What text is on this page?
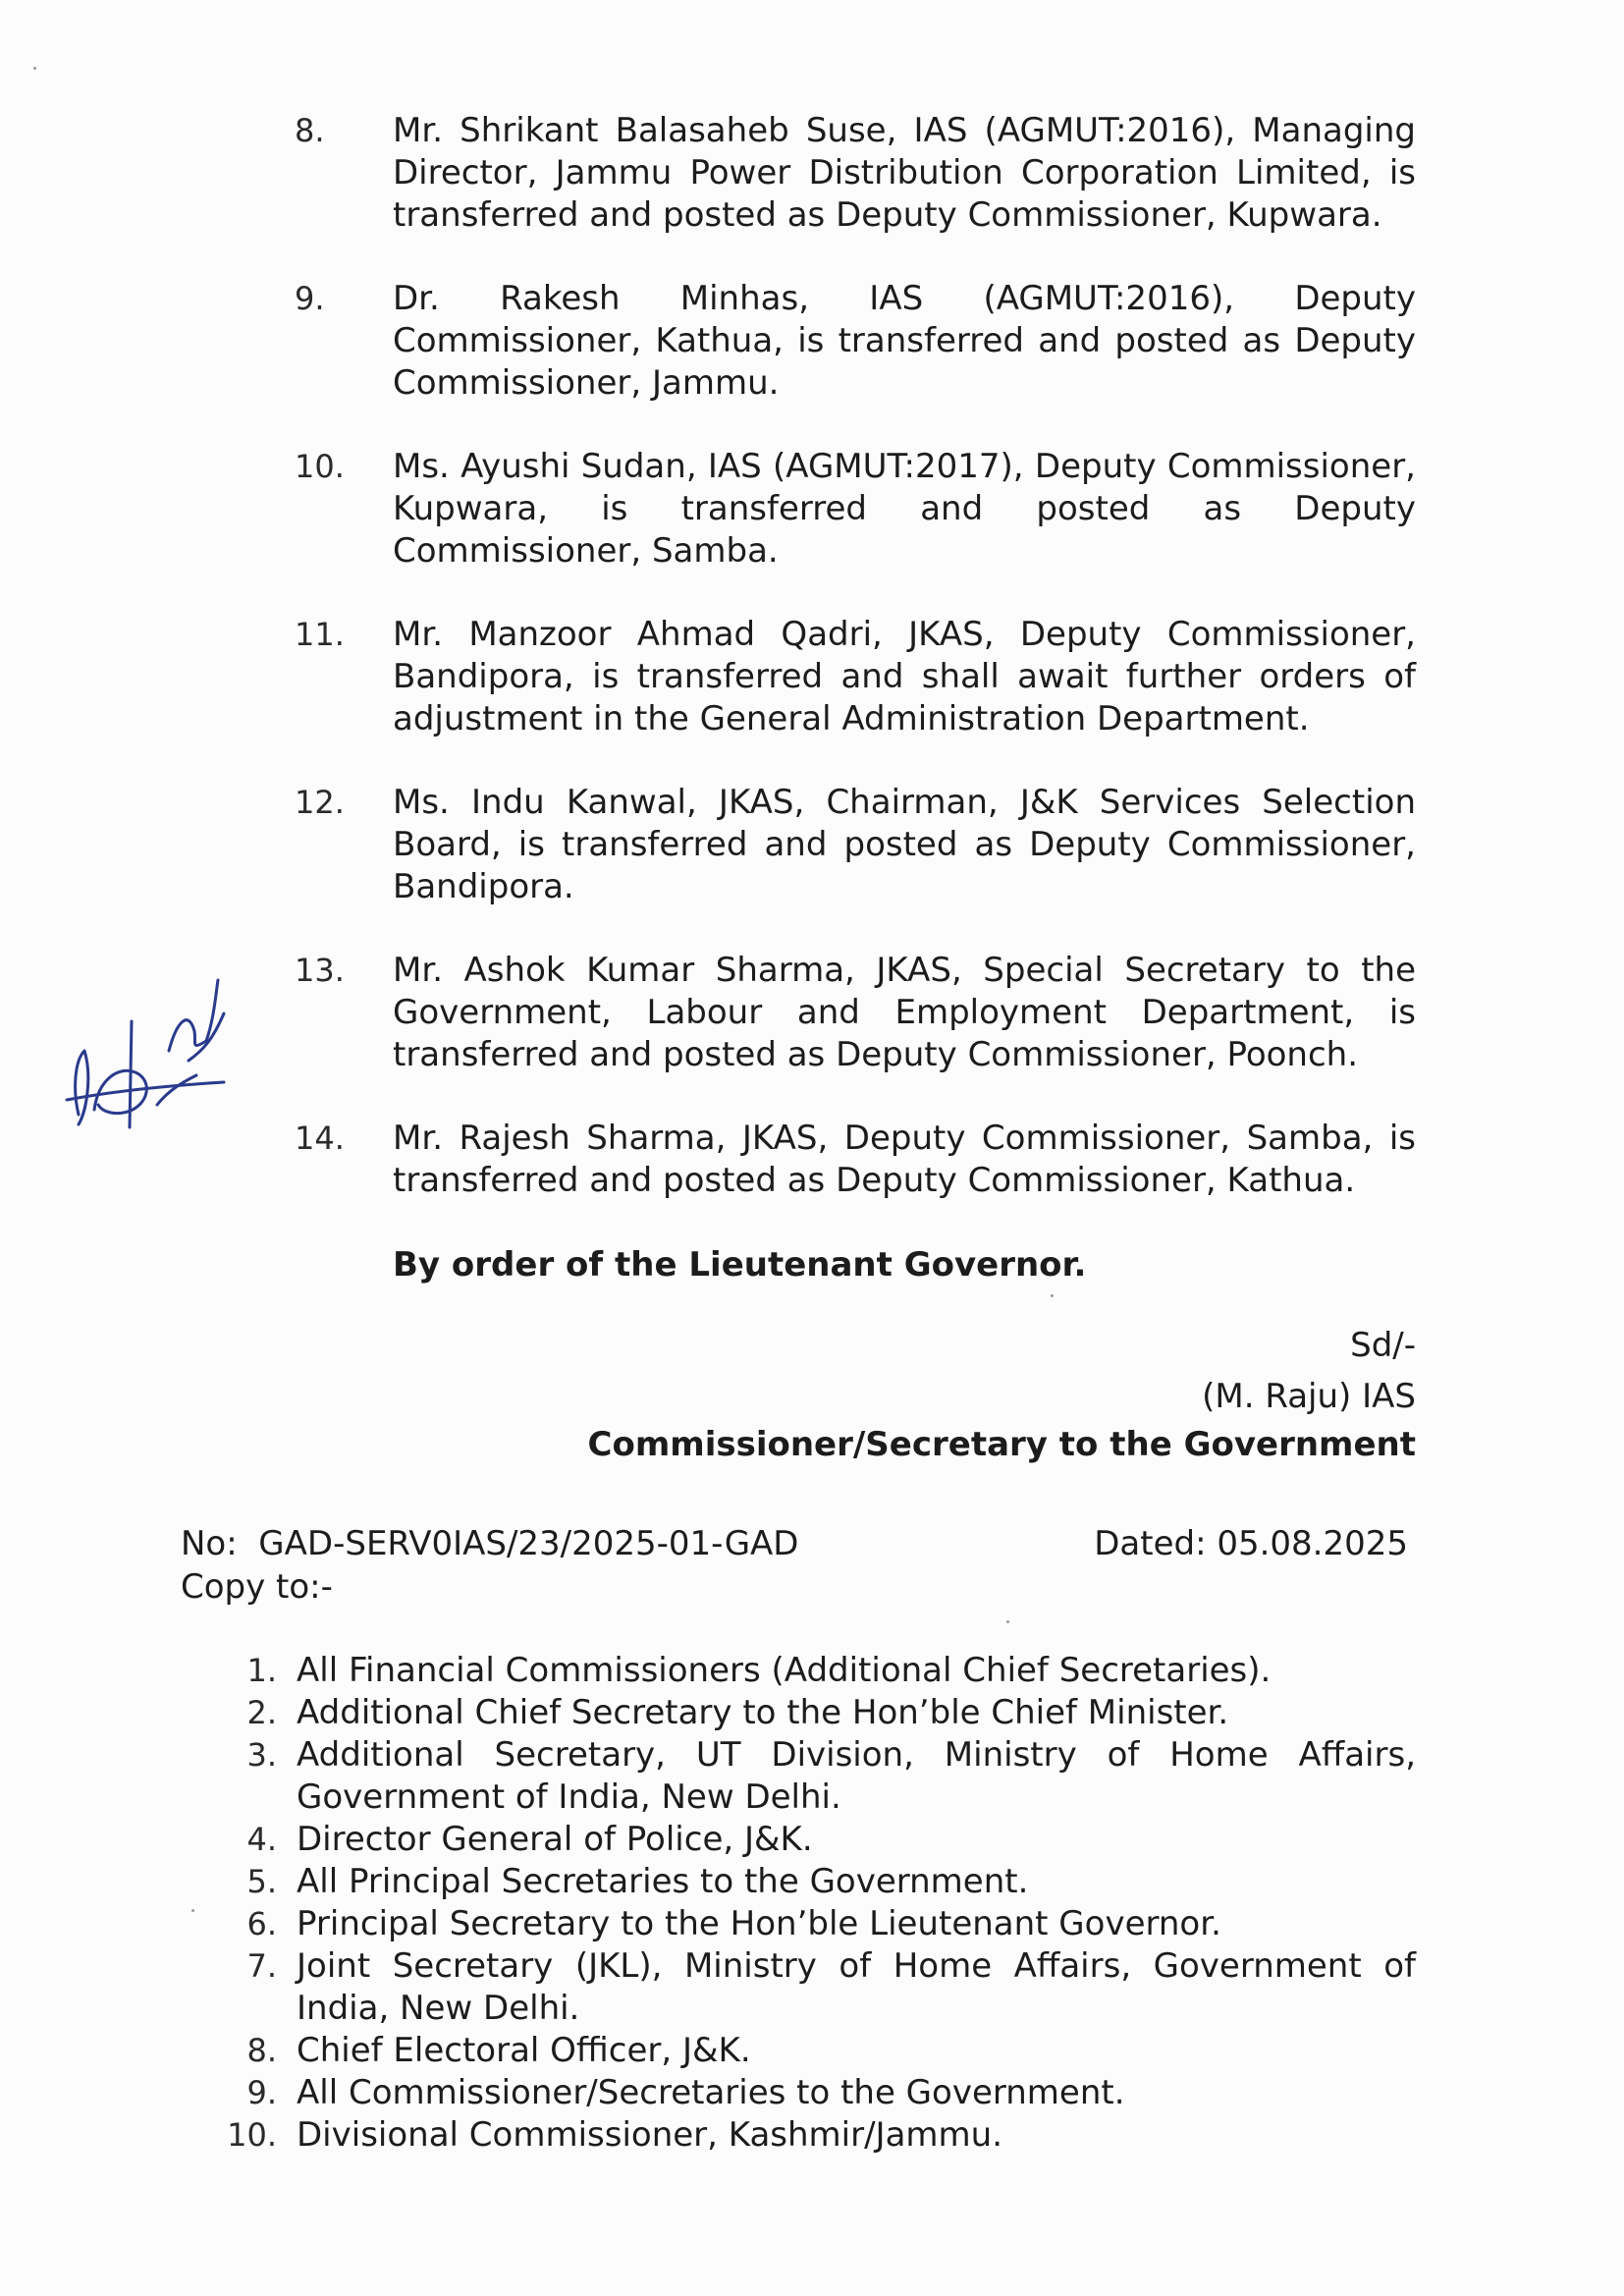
8.	Mr. Shrikant Balasaheb Suse, IAS (AGMUT:2016), Managing Director, Jammu Power Distribution Corporation Limited, is transferred and posted as Deputy Commissioner, Kupwara.
9.	Dr. Rakesh Minhas, IAS (AGMUT:2016), Deputy Commissioner, Kathua, is transferred and posted as Deputy Commissioner, Jammu.
10.	Ms. Ayushi Sudan, IAS (AGMUT:2017), Deputy Commissioner, Kupwara, is transferred and posted as Deputy Commissioner, Samba.
11.	Mr. Manzoor Ahmad Qadri, JKAS, Deputy Commissioner, Bandipora, is transferred and shall await further orders of adjustment in the General Administration Department.
12.	Ms. Indu Kanwal, JKAS, Chairman, J&K Services Selection Board, is transferred and posted as Deputy Commissioner, Bandipora.
13.	Mr. Ashok Kumar Sharma, JKAS, Special Secretary to the Government, Labour and Employment Department, is transferred and posted as Deputy Commissioner, Poonch.
14.	Mr. Rajesh Sharma, JKAS, Deputy Commissioner, Samba, is transferred and posted as Deputy Commissioner, Kathua.
By order of the Lieutenant Governor.
Sd/-
(M. Raju) IAS
Commissioner/Secretary to the Government
No:  GAD-SERV0IAS/23/2025-01-GAD	Dated: 05.08.2025
Copy to:-
1. All Financial Commissioners (Additional Chief Secretaries).
2. Additional Chief Secretary to the Hon’ble Chief Minister.
3. Additional Secretary, UT Division, Ministry of Home Affairs, Government of India, New Delhi.
4. Director General of Police, J&K.
5. All Principal Secretaries to the Government.
6. Principal Secretary to the Hon’ble Lieutenant Governor.
7. Joint Secretary (JKL), Ministry of Home Affairs, Government of India, New Delhi.
8. Chief Electoral Officer, J&K.
9. All Commissioner/Secretaries to the Government.
10. Divisional Commissioner, Kashmir/Jammu.
